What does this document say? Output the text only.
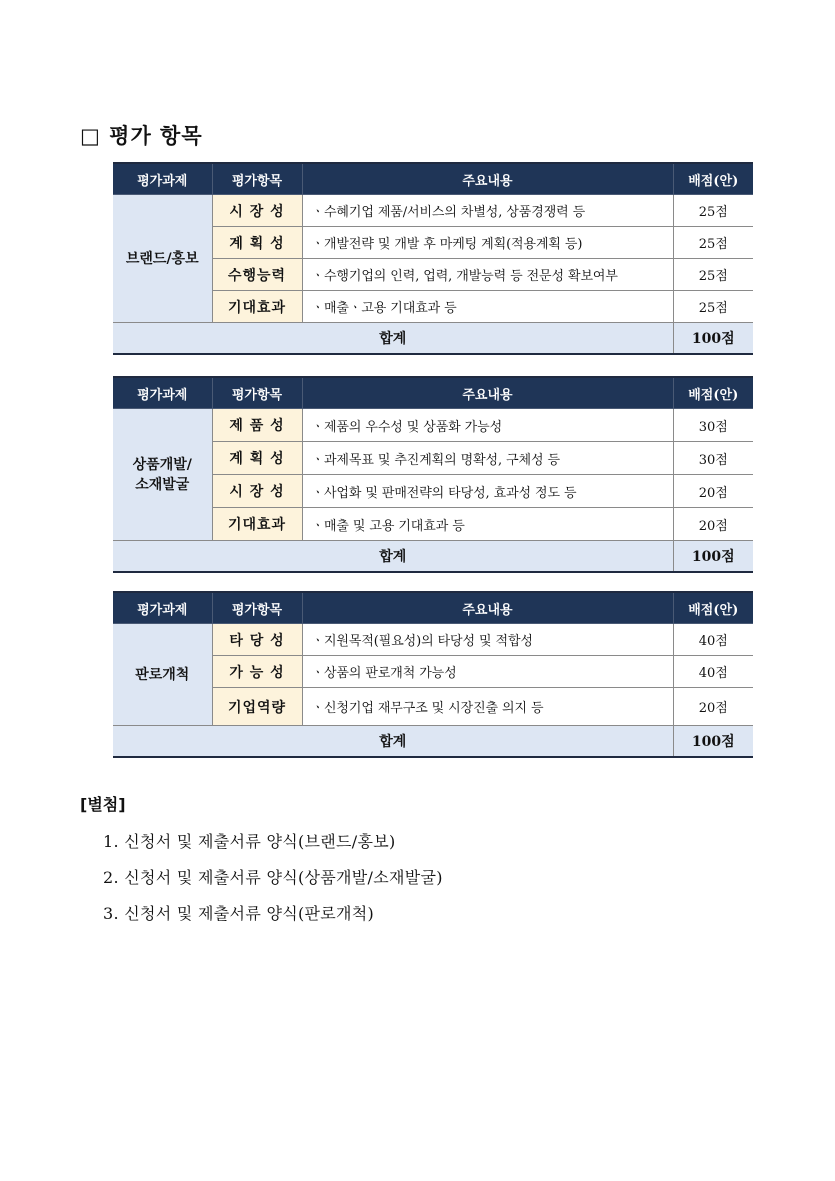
□ 평가 항목
평가과제	평가항목	주요내용	배점(안)
브랜드/홍보	시 장 성	ㆍ수혜기업 제품/서비스의 차별성, 상품경쟁력 등	25점
	계 획 성	ㆍ개발전략 및 개발 후 마케팅 계획(적용계획 등)	25점
	수행능력	ㆍ수행기업의 인력, 업력, 개발능력 등 전문성 확보여부	25점
	기대효과	ㆍ매출ㆍ고용 기대효과 등	25점
합계			100점
평가과제	평가항목	주요내용	배점(안)
상품개발/ 소재발굴	제 품 성	ㆍ제품의 우수성 및 상품화 가능성	30점
	계 획 성	ㆍ과제목표 및 추진계획의 명확성, 구체성 등	30점
	시 장 성	ㆍ사업화 및 판매전략의 타당성, 효과성 정도 등	20점
	기대효과	ㆍ매출 및 고용 기대효과 등	20점
합계			100점
평가과제	평가항목	주요내용	배점(안)
판로개척	타 당 성	ㆍ지원목적(필요성)의 타당성 및 적합성	40점
	가 능 성	ㆍ상품의 판로개척 가능성	40점
	기업역량	ㆍ신청기업 재무구조 및 시장진출 의지 등	20점
합계			100점
[별첨]
1. 신청서 및 제출서류 양식(브랜드/홍보)
2. 신청서 및 제출서류 양식(상품개발/소재발굴)
3. 신청서 및 제출서류 양식(판로개척)
